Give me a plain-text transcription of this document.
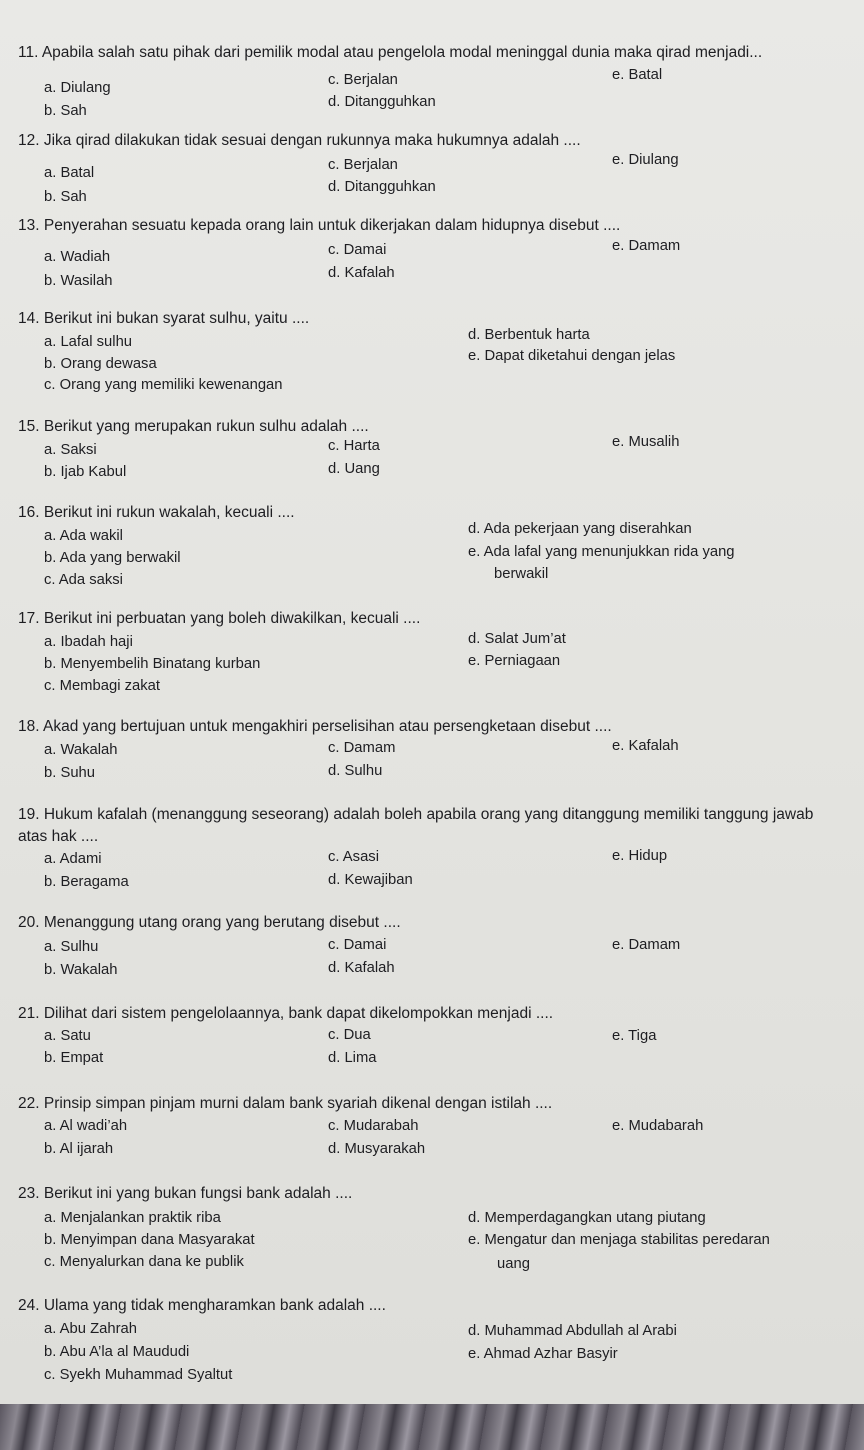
11. Apabila salah satu pihak dari pemilik modal atau pengelola modal meninggal dunia maka qirad menjadi...
a. Diulang
b. Sah
c. Berjalan
d. Ditangguhkan
e. Batal
12. Jika qirad dilakukan tidak sesuai dengan rukunnya maka hukumnya adalah ....
a. Batal
b. Sah
c. Berjalan
d. Ditangguhkan
e. Diulang
13. Penyerahan sesuatu kepada orang lain untuk dikerjakan dalam hidupnya disebut ....
a. Wadiah
b. Wasilah
c. Damai
d. Kafalah
e. Damam
14. Berikut ini bukan syarat sulhu, yaitu ....
a. Lafal sulhu
b. Orang dewasa
c. Orang yang memiliki kewenangan
d. Berbentuk harta
e. Dapat diketahui dengan jelas
15. Berikut yang merupakan rukun sulhu adalah ....
a. Saksi
b. Ijab Kabul
c. Harta
d. Uang
e. Musalih
16. Berikut ini rukun wakalah, kecuali ....
a. Ada wakil
b. Ada yang berwakil
c. Ada saksi
d. Ada pekerjaan yang diserahkan
e. Ada lafal yang menunjukkan rida yang
berwakil
17. Berikut ini perbuatan yang boleh diwakilkan, kecuali ....
a. Ibadah haji
b. Menyembelih Binatang kurban
c. Membagi zakat
d. Salat Jum’at
e. Perniagaan
18. Akad yang bertujuan untuk mengakhiri perselisihan atau persengketaan disebut ....
a. Wakalah
b. Suhu
c. Damam
d. Sulhu
e. Kafalah
19. Hukum kafalah (menanggung seseorang) adalah boleh apabila orang yang ditanggung memiliki tanggung jawab atas hak ....
a. Adami
b. Beragama
c. Asasi
d. Kewajiban
e. Hidup
20. Menanggung utang orang yang berutang disebut ....
a. Sulhu
b. Wakalah
c. Damai
d. Kafalah
e. Damam
21. Dilihat dari sistem pengelolaannya, bank dapat dikelompokkan menjadi ....
a. Satu
b. Empat
c. Dua
d. Lima
e. Tiga
22. Prinsip simpan pinjam murni dalam bank syariah dikenal dengan istilah ....
a. Al wadi’ah
b. Al ijarah
c. Mudarabah
d. Musyarakah
e. Mudabarah
23. Berikut ini yang bukan fungsi bank adalah ....
a. Menjalankan praktik riba
b. Menyimpan dana Masyarakat
c. Menyalurkan dana ke publik
d. Memperdagangkan utang piutang
e. Mengatur dan menjaga stabilitas peredaran
uang
24. Ulama yang tidak mengharamkan bank adalah ....
a. Abu Zahrah
b. Abu A’la al Maududi
c. Syekh Muhammad Syaltut
d. Muhammad Abdullah al Arabi
e. Ahmad Azhar Basyir
